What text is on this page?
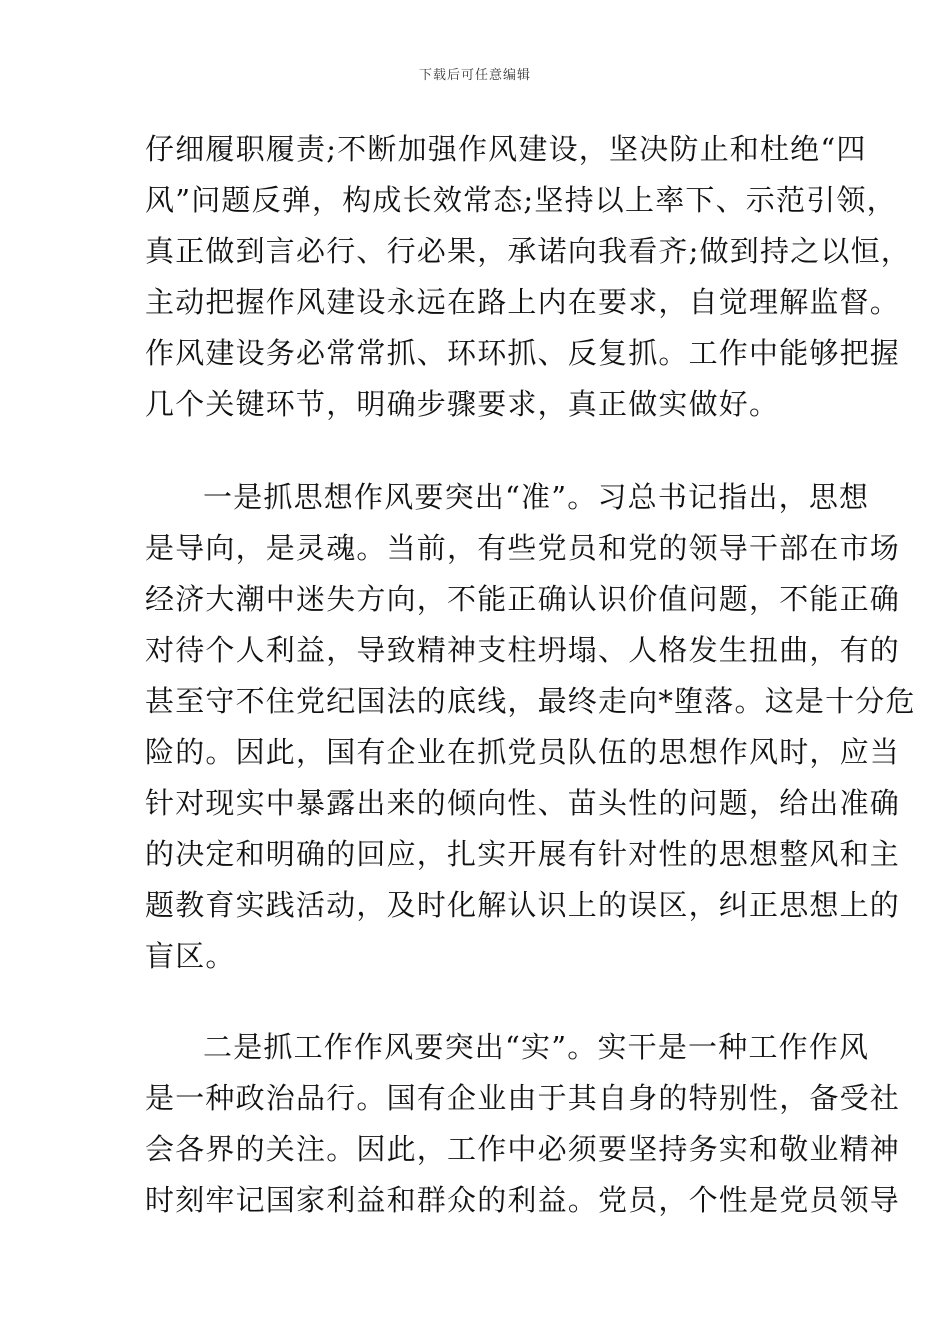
下载后可任意编辑
仔细履职履责;不断加强作风建设，坚决防止和杜绝“四
风”问题反弹，构成长效常态;坚持以上率下、示范引领，
真正做到言必行、行必果，承诺向我看齐;做到持之以恒，
主动把握作风建设永远在路上内在要求，自觉理解监督。
作风建设务必常常抓、环环抓、反复抓。工作中能够把握
几个关键环节，明确步骤要求，真正做实做好。
一是抓思想作风要突出“准”。习总书记指出，思想
是导向，是灵魂。当前，有些党员和党的领导干部在市场
经济大潮中迷失方向，不能正确认识价值问题，不能正确
对待个人利益，导致精神支柱坍塌、人格发生扭曲，有的
甚至守不住党纪国法的底线，最终走向*堕落。这是十分危
险的。因此，国有企业在抓党员队伍的思想作风时，应当
针对现实中暴露出来的倾向性、苗头性的问题，给出准确
的决定和明确的回应，扎实开展有针对性的思想整风和主
题教育实践活动，及时化解认识上的误区，纠正思想上的
盲区。
二是抓工作作风要突出“实”。实干是一种工作作风
是一种政治品行。国有企业由于其自身的特别性，备受社
会各界的关注。因此，工作中必须要坚持务实和敬业精神
时刻牢记国家利益和群众的利益。党员，个性是党员领导
